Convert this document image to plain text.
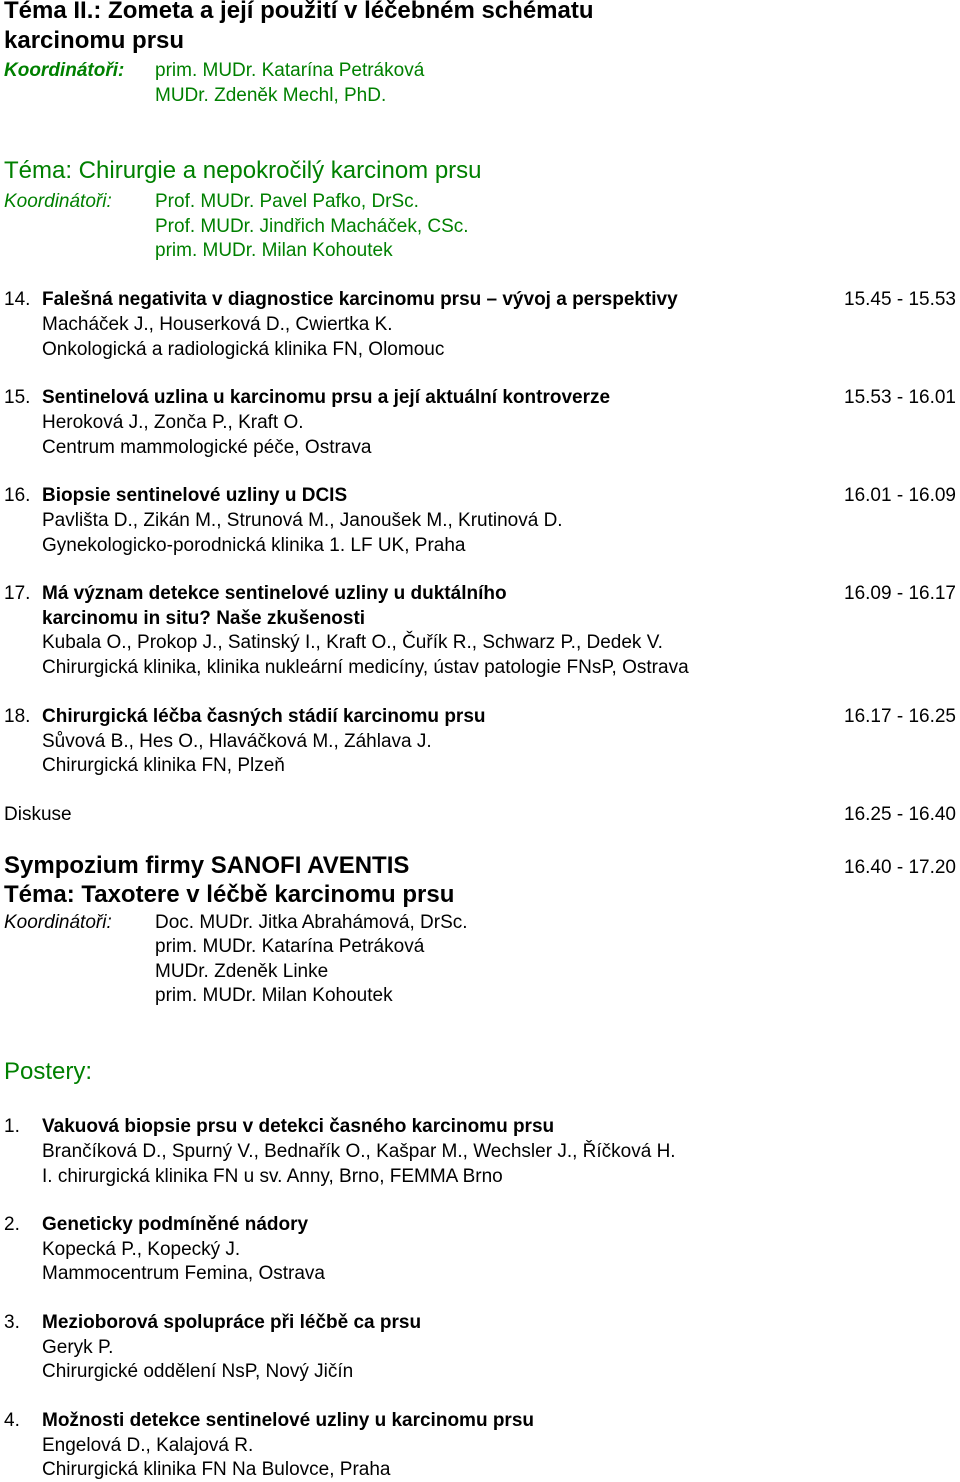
Téma II.: Zometa a její použití v léčebném schématu
karcinomu prsu
Koordinátoři: prim. MUDr. Katarína Petráková
MUDr. Zdeněk Mechl, PhD.
Téma: Chirurgie a nepokročilý karcinom prsu
Koordinátoři: Prof. MUDr. Pavel Pafko, DrSc.
Prof. MUDr. Jindřich Macháček, CSc.
prim. MUDr. Milan Kohoutek
14. Falešná negativita v diagnostice karcinomu prsu – vývoj a perspektivy	15.45 - 15.53
Macháček J., Houserková D., Cwiertka K.
Onkologická a radiologická klinika FN, Olomouc
15. Sentinelová uzlina u karcinomu prsu a její aktuální kontroverze	15.53 - 16.01
Heroková J., Zonča P., Kraft O.
Centrum mammologické péče, Ostrava
16. Biopsie sentinelové uzliny u DCIS	16.01 - 16.09
Pavlišta D., Zikán M., Strunová M., Janoušek M., Krutinová D.
Gynekologicko-porodnická klinika 1. LF UK, Praha
17. Má význam detekce sentinelové uzliny u duktálního	16.09 - 16.17
karcinomu in situ? Naše zkušenosti
Kubala O., Prokop J., Satinský I., Kraft O., Čuřík R., Schwarz P., Dedek V.
Chirurgická klinika, klinika nukleární medicíny, ústav patologie FNsP, Ostrava
18. Chirurgická léčba časných stádií karcinomu prsu	16.17 - 16.25
Sůvová B., Hes O., Hlaváčková M., Záhlava J.
Chirurgická klinika FN, Plzeň
Diskuse	16.25 - 16.40
Sympozium firmy SANOFI AVENTIS	16.40 - 17.20
Téma: Taxotere v léčbě karcinomu prsu
Koordinátoři: Doc. MUDr. Jitka Abrahámová, DrSc.
prim. MUDr. Katarína Petráková
MUDr. Zdeněk Linke
prim. MUDr. Milan Kohoutek
Postery:
1. Vakuová biopsie prsu v detekci časného karcinomu prsu
Brančíková D., Spurný V., Bednařík O., Kašpar M., Wechsler J., Říčková H.
I. chirurgická klinika FN u sv. Anny, Brno, FEMMA Brno
2. Geneticky podmíněné nádory
Kopecká P., Kopecký J.
Mammocentrum Femina, Ostrava
3. Mezioborová spolupráce při léčbě ca prsu
Geryk P.
Chirurgické oddělení NsP, Nový Jičín
4. Možnosti detekce sentinelové uzliny u karcinomu prsu
Engelová D., Kalajová R.
Chirurgická klinika FN Na Bulovce, Praha
